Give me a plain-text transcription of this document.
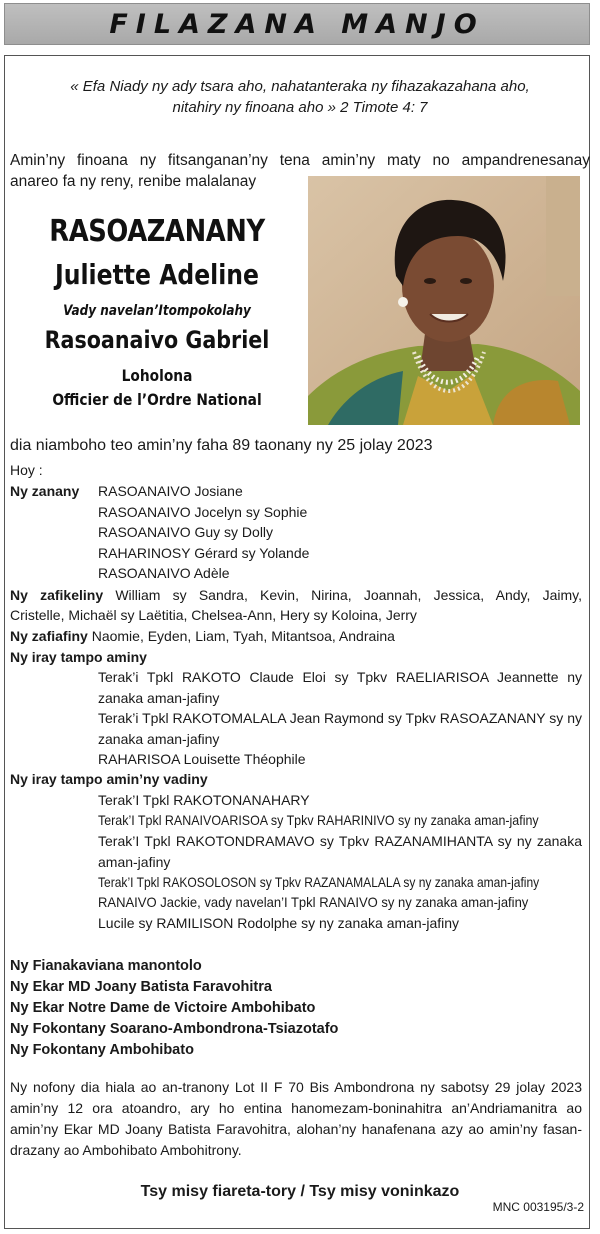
FILAZANA MANJO
« Efa Niady ny ady tsara aho, nahatanteraka ny fihazakazahana aho,
nitahiry ny finoana aho » 2 Timote 4: 7
Amin’ny finoana ny fitsanganan’ny tena amin’ny maty no ampandrenesanay
anareo fa ny reny, renibe malalanay
RASOAZANANY
Juliette Adeline
Vady navelan’Itompokolahy
Rasoanaivo Gabriel
Loholona
Officier de l’Ordre National
dia niamboho teo amin’ny faha 89 taonany ny 25 jolay 2023
Hoy :
Ny zanany	RASOANAIVO Josiane
RASOANAIVO Jocelyn sy Sophie
RASOANAIVO Guy sy Dolly
RAHARINOSY Gérard sy Yolande
RASOANAIVO Adèle
Ny zafikeliny William sy Sandra, Kevin, Nirina, Joannah, Jessica, Andy, Jaimy,
Cristelle, Michaël sy Laëtitia, Chelsea-Ann, Hery sy Koloina, Jerry
Ny zafiafiny Naomie, Eyden, Liam, Tyah, Mitantsoa, Andraina
Ny iray tampo aminy
Terak’i Tpkl RAKOTO Claude Eloi sy Tpkv RAELIARISOA Jeannette ny zanaka aman-jafiny
Terak’i Tpkl RAKOTOMALALA Jean Raymond sy Tpkv RASOAZANANY sy ny zanaka aman-jafiny
RAHARISOA Louisette Théophile
Ny iray tampo amin’ny vadiny
Terak’I Tpkl RAKOTONANAHARY
Terak’I Tpkl RANAIVOARISOA sy Tpkv RAHARINIVO sy ny zanaka aman-jafiny
Terak’I Tpkl RAKOTONDRAMAVO sy Tpkv RAZANAMIHANTA sy ny zanaka aman-jafiny
Terak’I Tpkl RAKOSOLOSON sy Tpkv RAZANAMALALA sy ny zanaka aman-jafiny
RANAIVO Jackie, vady navelan’I Tpkl RANAIVO sy ny zanaka aman-jafiny
Lucile sy RAMILISON Rodolphe sy ny zanaka aman-jafiny
Ny Fianakaviana manontolo
Ny Ekar MD Joany Batista Faravohitra
Ny Ekar Notre Dame de Victoire Ambohibato
Ny Fokontany Soarano-Ambondrona-Tsiazotafo
Ny Fokontany Ambohibato
Ny nofony dia hiala ao an-tranony Lot II F 70 Bis Ambondrona ny sabotsy 29 jolay 2023 amin’ny 12 ora atoandro, ary ho entina hanomezam-boninahitra an’Andriamanitra ao amin’ny Ekar MD Joany Batista Faravohitra, alohan’ny hanafenana azy ao amin’ny fasan-drazany ao Ambohibato Ambohitrony.
Tsy misy fiareta-tory / Tsy misy voninkazo
MNC 003195/3-2
